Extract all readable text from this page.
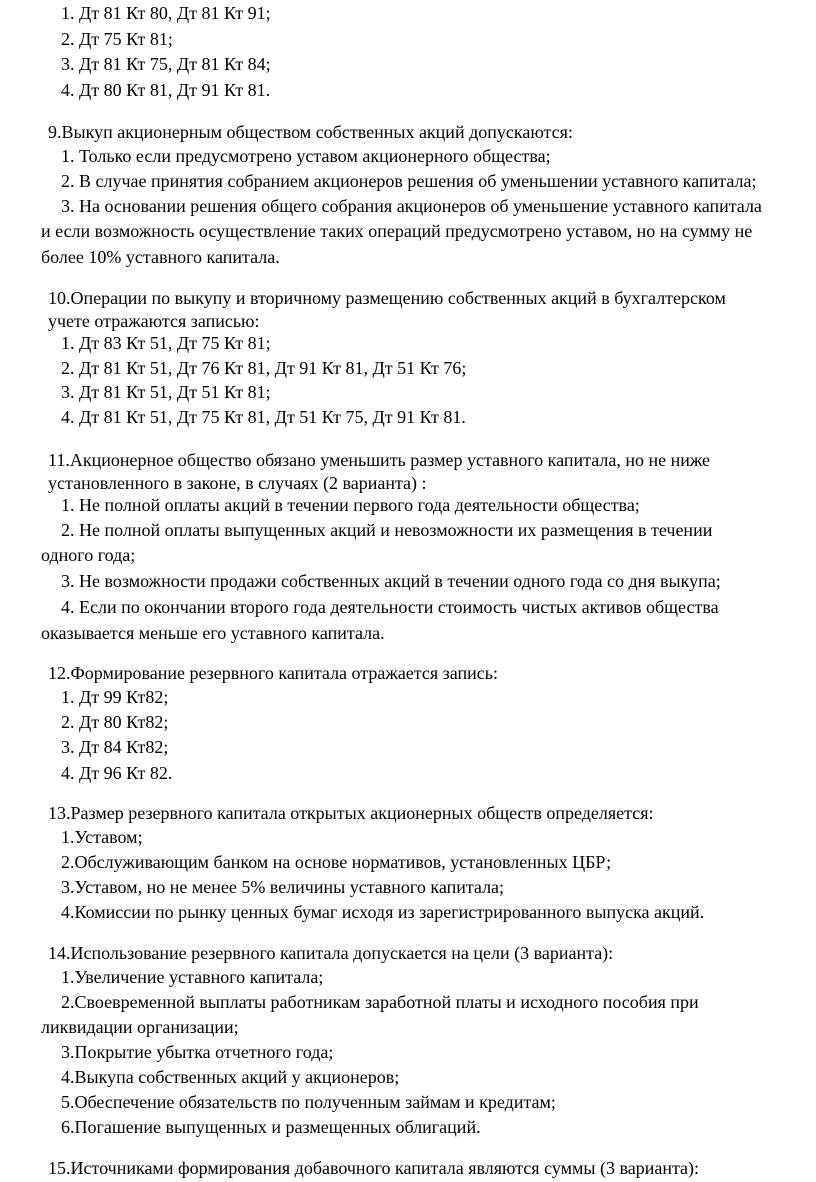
1. Дт 81 Кт 80, Дт 81 Кт 91;
2. Дт 75 Кт 81;
3. Дт 81 Кт 75, Дт 81 Кт 84;
4. Дт 80 Кт 81, Дт 91 Кт 81.
9.Выкуп акционерным обществом собственных акций допускаются:
1. Только если предусмотрено уставом акционерного общества;
2. В случае принятия собранием акционеров решения об уменьшении уставного капитала;
3. На основании решения общего собрания акционеров об уменьшение уставного капитала
и если возможность осуществление таких операций предусмотрено уставом, но на сумму не
более 10% уставного капитала.
10.Операции по выкупу и вторичному размещению собственных акций в бухгалтерском
учете отражаются записью:
1. Дт 83 Кт 51, Дт 75 Кт 81;
2. Дт 81 Кт 51, Дт 76 Кт 81, Дт 91 Кт 81, Дт 51 Кт 76;
3. Дт 81 Кт 51, Дт 51 Кт 81;
4. Дт 81 Кт 51, Дт 75 Кт 81, Дт 51 Кт 75, Дт 91 Кт 81.
11.Акционерное общество обязано уменьшить размер уставного капитала, но не ниже
установленного в законе, в случаях (2 варианта) :
1. Не полной оплаты акций в течении первого года деятельности общества;
2. Не полной оплаты выпущенных акций и невозможности их размещения в течении
одного года;
3. Не возможности продажи собственных акций в течении одного года со дня выкупа;
4. Если по окончании второго года деятельности стоимость чистых активов общества
оказывается меньше его уставного капитала.
12.Формирование резервного капитала отражается запись:
1. Дт 99 Кт82;
2. Дт 80 Кт82;
3. Дт 84 Кт82;
4. Дт 96 Кт 82.
13.Размер резервного капитала открытых акционерных обществ определяется:
1.Уставом;
2.Обслуживающим банком на основе нормативов, установленных ЦБР;
3.Уставом, но не менее 5% величины уставного капитала;
4.Комиссии по рынку ценных бумаг исходя из зарегистрированного выпуска акций.
14.Использование резервного капитала допускается на цели (3 варианта):
1.Увеличение уставного капитала;
2.Своевременной выплаты работникам заработной платы и исходного пособия при
ликвидации организации;
3.Покрытие убытка отчетного года;
4.Выкупа собственных акций у акционеров;
5.Обеспечение обязательств по полученным займам и кредитам;
6.Погашение выпущенных и размещенных облигаций.
15.Источниками формирования добавочного капитала являются суммы (3 варианта):
